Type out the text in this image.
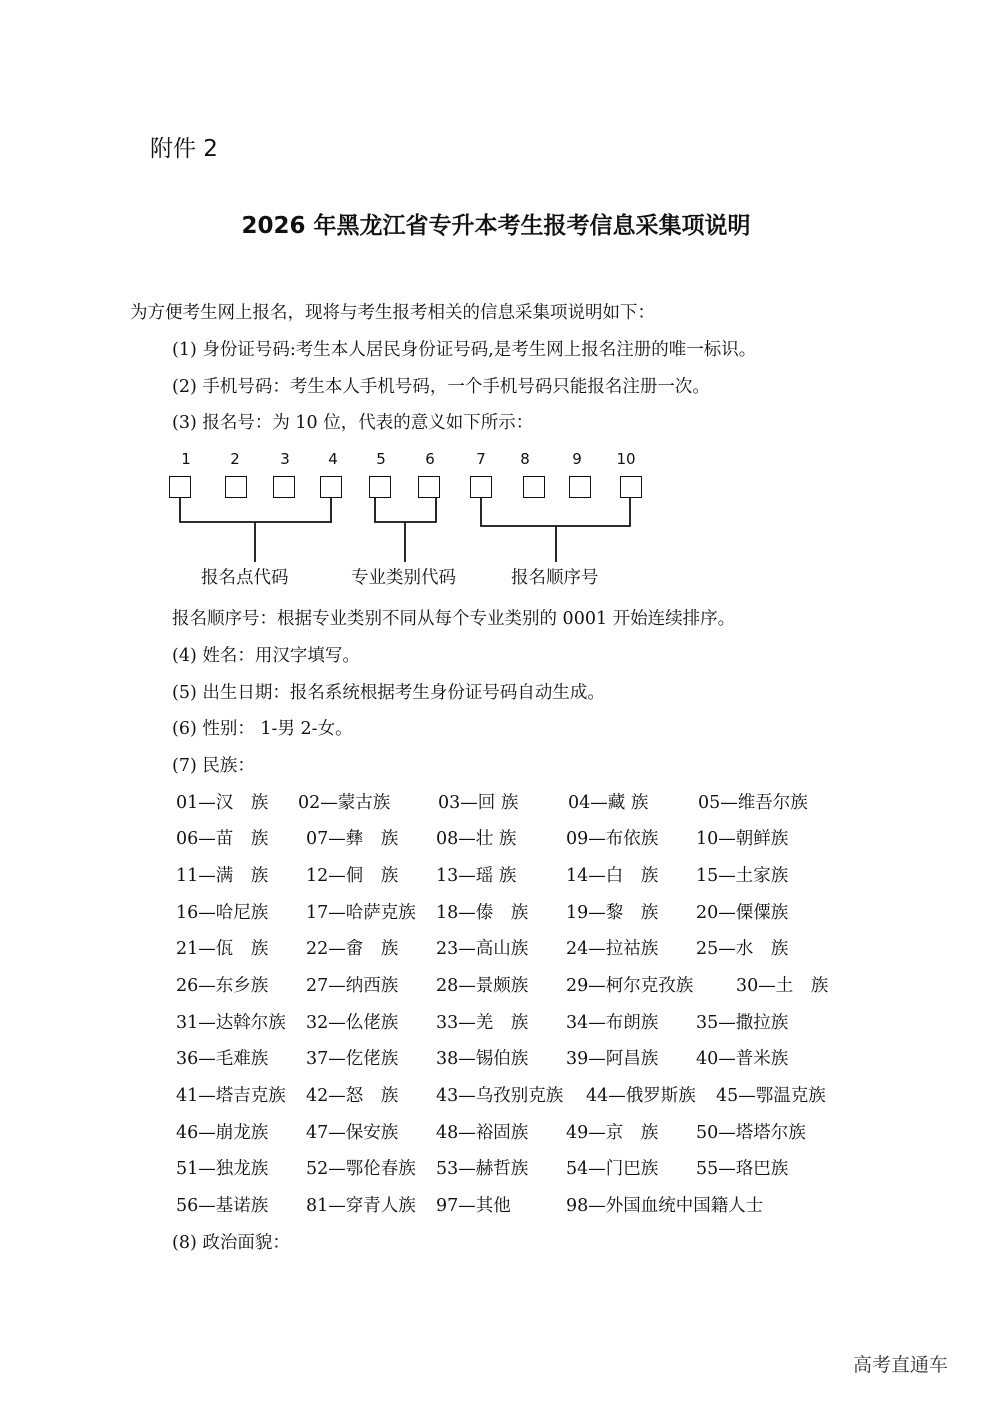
附件 2
2026 年黑龙江省专升本考生报考信息采集项说明
为方便考生网上报名，现将与考生报考相关的信息采集项说明如下：
(1) 身份证号码:考生本人居民身份证号码,是考生网上报名注册的唯一标识。
(2) 手机号码：考生本人手机号码，一个手机号码只能报名注册一次。
(3) 报名号：为 10 位，代表的意义如下所示：
1	2	3	4	5	6	7	8	9	10
报名点代码	专业类别代码	报名顺序号
报名顺序号：根据专业类别不同从每个专业类别的 0001 开始连续排序。
(4) 姓名：用汉字填写。
(5) 出生日期：报名系统根据考生身份证号码自动生成。
(6) 性别： 1-男 2-女。
(7) 民族：
01—汉　族 02—蒙古族	03—回 族	04—藏 族	05—维吾尔族
06—苗　族 07—彝　族 08—壮 族	09—布依族 10—朝鲜族
11—满　族 12—侗　族 13—瑶 族	14—白　族 15—土家族
16—哈尼族 17—哈萨克族 18—傣　族 19—黎　族 20—傈僳族
21—佤　族 22—畲　族 23—高山族 24—拉祜族 25—水　族
26—东乡族 27—纳西族 28—景颇族 29—柯尔克孜族 30—土　族
31—达斡尔族 32—仫佬族 33—羌　族 34—布朗族 35—撒拉族
36—毛难族 37—仡佬族 38—锡伯族 39—阿昌族 40—普米族
41—塔吉克族 42—怒　族 43—乌孜别克族 44—俄罗斯族 45—鄂温克族
46—崩龙族 47—保安族 48—裕固族 49—京　族 50—塔塔尔族
51—独龙族 52—鄂伦春族 53—赫哲族 54—门巴族 55—珞巴族
56—基诺族 81—穿青人族 97—其他	98—外国血统中国籍人士
(8) 政治面貌：
高考直通车
